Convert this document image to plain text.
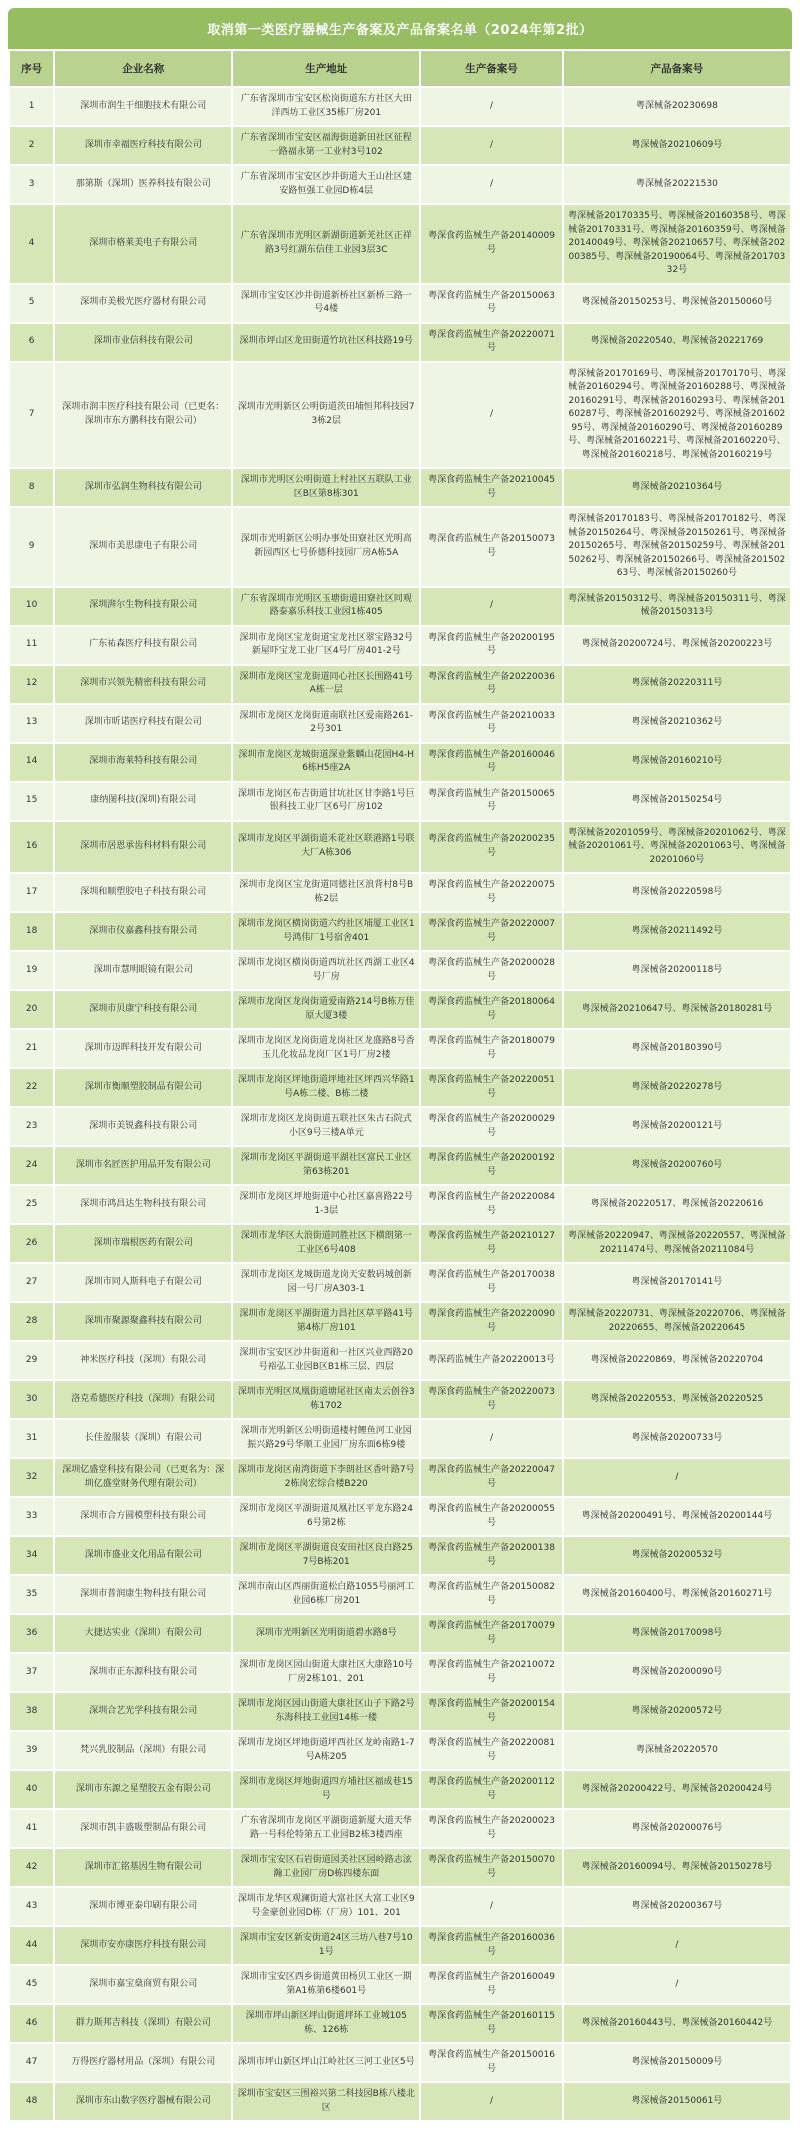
取消第一类医疗器械生产备案及产品备案名单（2024年第2批）
序号	企业名称	生产地址	生产备案号	产品备案号
1	深圳市润生干细胞技术有限公司	广东省深圳市宝安区松岗街道东方社区大田洋西坊工业区35栋厂房201	/	粤深械备20230698
2	深圳市幸福医疗科技有限公司	广东省深圳市宝安区福海街道新田社区征程一路福永第一工业村3号102	/	粤深械备20210609号
3	那第斯（深圳）医养科技有限公司	广东省深圳市宝安区沙井街道大王山社区建安路恒强工业园D栋4层	/	粤深械备20221530
4	深圳市格莱美电子有限公司	广东省深圳市光明区新湖街道新羌社区正祥路3号红湖东信佳工业园3层3C	粤深食药监械生产备20140009号	粤深械备20170335号、粤深械备20160358号、粤深械备20170331号、粤深械备20160359号、粤深械备20140049号、粤深械备20210657号、粤深械备20200385号、粤深械备20190064号、粤深械备20170332号
5	深圳市美极光医疗器材有限公司	深圳市宝安区沙井街道新桥社区新桥三路一号4楼	粤深食药监械生产备20150063号	粤深械备20150253号、粤深械备20150060号
6	深圳市业信科技有限公司	深圳市坪山区龙田街道竹坑社区科技路19号	粤深食药监械生产备20220071号	粤深械备20220540、粤深械备20221769
7	深圳市润丰医疗科技有限公司（已更名：深圳市东方鹏科技有限公司）	深圳市光明新区公明街道茨田埔恒邦科技园73栋2层	/	粤深械备20170169号、粤深械备20170170号、粤深械备20160294号、粤深械备20160288号、粤深械备20160291号、粤深械备20160293号、粤深械备20160287号、粤深械备20160292号、粤深械备20160295号、粤深械备20160290号、粤深械备20160289号、粤深械备20160221号、粤深械备20160220号、粤深械备20160218号、粤深械备20160219号
8	深圳市弘润生物科技有限公司	深圳市光明区公明街道上村社区五联队工业区B区第8栋301	粤深食药监械生产备20210045号	粤深械备20210364号
9	深圳市美思康电子有限公司	深圳市光明新区公明办事处田寮社区光明高新园西区七号侨德科技园厂房A栋5A	粤深食药监械生产备20150073号	粤深械备20170183号、粤深械备20170182号、粤深械备20150264号、粤深械备20150261号、粤深械备20150265号、粤深械备20150259号、粤深械备20150262号、粤深械备20150266号、粤深械备20150263号、粤深械备20150260号
10	深圳湃尔生物科技有限公司	广东省深圳市光明区玉塘街道田寮社区同观路泰嘉乐科技工业园1栋405	/	粤深械备20150312号、粤深械备20150311号、粤深械备20150313号
11	广东祐森医疗科技有限公司	深圳市龙岗区宝龙街道宝龙社区翠宝路32号新屋吓宝龙工业厂区4号厂房401-2号	粤深食药监械生产备20200195号	粤深械备20200724号、粤深械备20200223号
12	深圳市兴领先精密科技有限公司	深圳市龙岗区宝龙街道同心社区长围路41号A栋一层	粤深食药监械生产备20220036号	粤深械备20220311号
13	深圳市昕诺医疗科技有限公司	深圳市龙岗区龙岗街道南联社区爱南路261-2号301	粤深食药监械生产备20210033号	粤深械备20210362号
14	深圳市海莱特科技有限公司	深圳市龙岗区龙城街道深业紫麟山花园H4-H6栋H5座2A	粤深食药监械生产备20160046号	粤深械备20160210号
15	康纳图科技(深圳)有限公司	深圳市龙岗区布吉街道甘坑社区甘李路1号巨银科技工业厂区6号厂房102	粤深食药监械生产备20150065号	粤深械备20150254号
16	深圳市居恩承齿科材料有限公司	深圳市龙岗区平湖街道禾花社区联港路1号联大厂A栋306	粤深食药监械生产备20200235号	粤深械备20201059号、粤深械备20201062号、粤深械备20201061号、粤深械备20201063号、粤深械备20201060号
17	深圳和顺塑胶电子科技有限公司	深圳市龙岗区宝龙街道同德社区浪背村8号B栋2层	粤深食药监械生产备20220075号	粤深械备20220598号
18	深圳市仪嘉鑫科技有限公司	深圳市龙岗区横岗街道六约社区埔厦工业区1号鸿伟厂1号宿舍401	粤深食药监械生产备20220007号	粤深械备20211492号
19	深圳市慧明眼镜有限公司	深圳市龙岗区横岗街道西坑社区西湖工业区4号厂房	粤深食药监械生产备20200028号	粤深械备20200118号
20	深圳市贝康宁科技有限公司	深圳市龙岗区龙岗街道爱南路214号B栋万佳原大厦3楼	粤深食药监械生产备20180064号	粤深械备20210647号、粤深械备20180281号
21	深圳市迈晖科技开发有限公司	深圳市龙岗区龙岗街道龙岗社区龙盛路8号香玉儿化妆品龙岗厂区1号厂房2楼	粤深食药监械生产备20180079号	粤深械备20180390号
22	深圳市衡顺塑胶制品有限公司	深圳市龙岗区坪地街道坪地社区坪西兴华路1号A栋二楼、B栋二楼	粤深食药监械生产备20220051号	粤深械备20220278号
23	深圳市美锐鑫科技有限公司	深圳市龙岗区龙岗街道五联社区朱古石院式小区9号三楼A单元	粤深食药监械生产备20200029号	粤深械备20200121号
24	深圳市名匠医护用品开发有限公司	深圳市龙岗区平湖街道平湖社区富民工业区第63栋201	粤深食药监械生产备20200192号	粤深械备20200760号
25	深圳市鸿昌达生物科技有限公司	深圳市龙岗区坪地街道中心社区嘉喜路22号1-3层	粤深食药监械生产备20220084号	粤深械备20220517、粤深械备20220616
26	深圳市瑞根医药有限公司	深圳市龙华区大浪街道同胜社区下横朗第一工业区6号408	粤深食药监械生产备20210127号	粤深械备20220947、粤深械备20220557、粤深械备20211474号、粤深械备20211084号
27	深圳市同人斯科电子有限公司	深圳市龙岗区龙城街道龙岗天安数码城创新园一号厂房A303-1	粤深食药监械生产备20170038号	粤深械备20170141号
28	深圳市聚源聚鑫科技有限公司	深圳市龙岗区平湖街道力昌社区草平路41号第4栋厂房101	粤深食药监械生产备20220090号	粤深械备20220731、粤深械备20220706、粤深械备20220655、粤深械备20220645
29	神米医疗科技（深圳）有限公司	深圳市宝安区沙井街道和一社区兴业西路20号裕弘工业园B区B1栋三层、四层	粤深药监械生产备20220013号	粤深械备20220869、粤深械备20220704
30	洛克希德医疗科技（深圳）有限公司	深圳市光明区凤凰街道塘尾社区南太云创谷3栋1702	粤深食药监械生产备20220073号	粤深械备20220553、粤深械备20220525
31	长佳盈服装（深圳）有限公司	深圳市光明新区公明街道楼村鲤鱼河工业园振兴路29号华顺工业园厂房东面6栋9楼	/	粤深械备20200733号
32	深圳亿盛堂科技有限公司（已更名为：深圳亿盛堂财务代理有限公司）	深圳市龙岗区南湾街道下李朗社区香叶路7号2栋岗宏综合楼B220	粤深食药监械生产备20220047号	/
33	深圳市合方圆模塑科技有限公司	深圳市龙岗区平湖街道凤凰社区平龙东路246号第2栋	粤深食药监械生产备20200055号	粤深械备20200491号、粤深械备20200144号
34	深圳市盛业文化用品有限公司	深圳市龙岗区平湖街道良安田社区良白路257号B栋201	粤深食药监械生产备20200138号	粤深械备20200532号
35	深圳市普润康生物科技有限公司	深圳市南山区西丽街道松白路1055号丽河工业园6栋厂房201	粤深食药监械生产备20150082号	粤深械备20160400号、粤深械备20160271号
36	大捷达实业（深圳）有限公司	深圳市光明新区光明街道碧水路8号	粤深食药监械生产备20170079号	粤深械备20170098号
37	深圳市正东源科技有限公司	深圳市龙岗区园山街道大康社区大康路10号厂房2栋101、201	粤深食药监械生产备20210072号	粤深械备20200090号
38	深圳合艺光学科技有限公司	深圳市龙岗区园山街道大康社区山子下路2号东海科技工业园14栋一楼	粤深食药监械生产备20200154号	粤深械备20200572号
39	梵兴乳胶制品（深圳）有限公司	深圳市龙岗区坪地街道坪西社区龙岭南路1-7号A栋205	粤深食药监械生产备20220081号	粤深械备20220570
40	深圳市东源之星塑胶五金有限公司	深圳市龙岗区坪地街道四方埔社区福成巷15号	粤深食药监械生产备20200112号	粤深械备20200422号、粤深械备20200424号
41	深圳市凯丰盛吸塑制品有限公司	广东省深圳市龙岗区平湖街道新厦大道天华路一号科伦特第五工业园B2栋3楼西座	粤深食药监械生产备20200023号	粤深械备20200076号
42	深圳市汇铭基因生物有限公司	深圳市宝安区石岩街道园美社区园岭路志泫瀚工业园厂房D栋四楼东面	粤深食药监械生产备20150070号	粤深械备20160094号、粤深械备20150278号
43	深圳市博亚泰印刷有限公司	深圳市龙华区观澜街道大富社区大富工业区9号金豪创业园D栋（厂房）101、201	/	粤深械备20200367号
44	深圳市安亦康医疗科技有限公司	深圳市宝安区新安街道24区三坊八巷7号101号	粤深食药监械生产备20160036号	/
45	深圳市嘉宝燊商贸有限公司	深圳市宝安区西乡街道黄田杨贝工业区一期第A1栋第6楼601号	粤深食药监械生产备20160049号	/
46	群力斯邦吉科技（深圳）有限公司	深圳市坪山新区坪山街道坪环工业城105栋、126栋	粤深食药监械生产备20160115号	粤深械备20160443号、粤深械备20160442号
47	万得医疗器材用品（深圳）有限公司	深圳市坪山新区坪山江岭社区三河工业区5号	粤深食药监械生产备20150016号	粤深械备20150009号
48	深圳市东山数字医疗器械有限公司	深圳市宝安区三围裕兴第二科技园B栋八楼北区	/	粤深械备20150061号
